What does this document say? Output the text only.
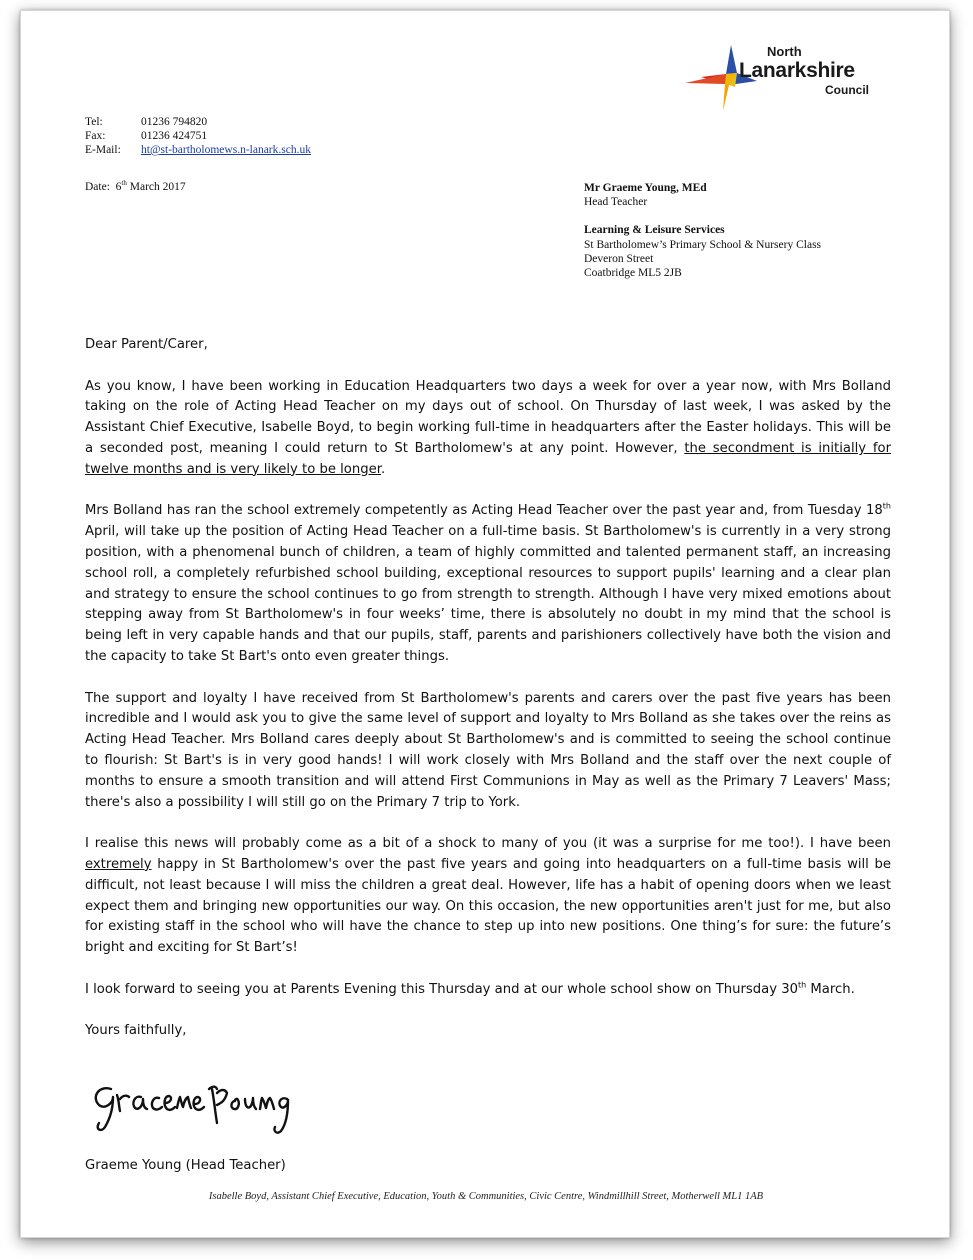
North
Lanarkshire
Council
Tel:	01236 794820
Fax:	01236 424751
E-Mail:	ht@st-bartholomews.n-lanark.sch.uk
Date: 6th March 2017	Mr Graeme Young, MEd
Head Teacher
Learning & Leisure Services
St Bartholomew’s Primary School & Nursery Class
Deveron Street
Coatbridge ML5 2JB

Dear Parent/Carer,

As you know, I have been working in Education Headquarters two days a week for over a year now, with Mrs Bolland taking on the role of Acting Head Teacher on my days out of school. On Thursday of last week, I was asked by the Assistant Chief Executive, Isabelle Boyd, to begin working full-time in headquarters after the Easter holidays. This will be a seconded post, meaning I could return to St Bartholomew's at any point. However, the secondment is initially for twelve months and is very likely to be longer.

Mrs Bolland has ran the school extremely competently as Acting Head Teacher over the past year and, from Tuesday 18th April, will take up the position of Acting Head Teacher on a full-time basis. St Bartholomew's is currently in a very strong position, with a phenomenal bunch of children, a team of highly committed and talented permanent staff, an increasing school roll, a completely refurbished school building, exceptional resources to support pupils' learning and a clear plan and strategy to ensure the school continues to go from strength to strength. Although I have very mixed emotions about stepping away from St Bartholomew's in four weeks’ time, there is absolutely no doubt in my mind that the school is being left in very capable hands and that our pupils, staff, parents and parishioners collectively have both the vision and the capacity to take St Bart's onto even greater things.

The support and loyalty I have received from St Bartholomew's parents and carers over the past five years has been incredible and I would ask you to give the same level of support and loyalty to Mrs Bolland as she takes over the reins as Acting Head Teacher. Mrs Bolland cares deeply about St Bartholomew's and is committed to seeing the school continue to flourish: St Bart's is in very good hands! I will work closely with Mrs Bolland and the staff over the next couple of months to ensure a smooth transition and will attend First Communions in May as well as the Primary 7 Leavers' Mass; there's also a possibility I will still go on the Primary 7 trip to York.

I realise this news will probably come as a bit of a shock to many of you (it was a surprise for me too!). I have been extremely happy in St Bartholomew's over the past five years and going into headquarters on a full-time basis will be difficult, not least because I will miss the children a great deal. However, life has a habit of opening doors when we least expect them and bringing new opportunities our way. On this occasion, the new opportunities aren't just for me, but also for existing staff in the school who will have the chance to step up into new positions. One thing’s for sure: the future’s bright and exciting for St Bart’s!

I look forward to seeing you at Parents Evening this Thursday and at our whole school show on Thursday 30th March.

Yours faithfully,

Graeme Young (Head Teacher)
Isabelle Boyd, Assistant Chief Executive, Education, Youth & Communities, Civic Centre, Windmillhill Street, Motherwell ML1 1AB
